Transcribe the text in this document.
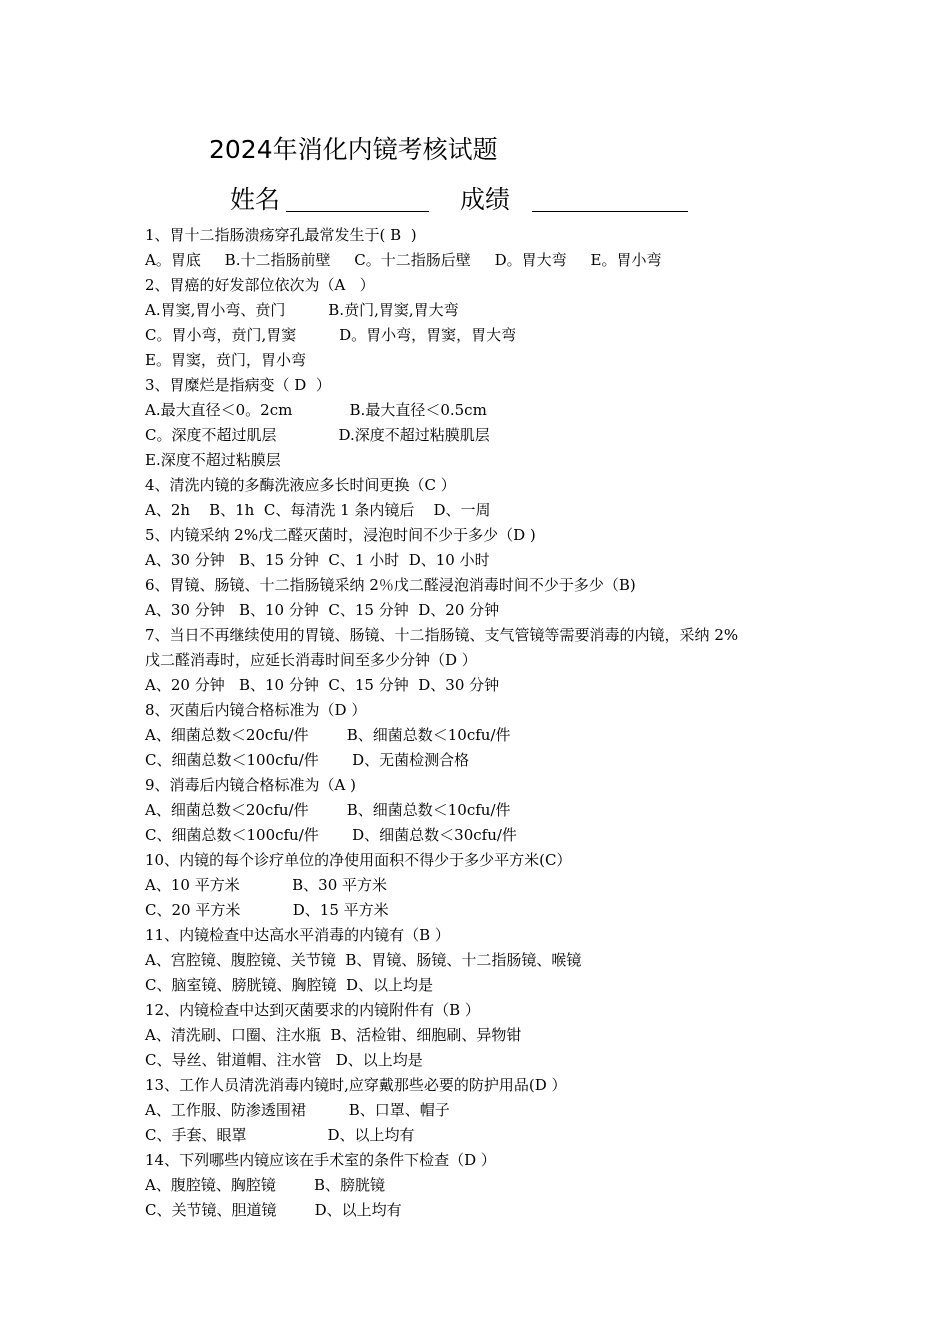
2024年消化内镜考核试题
姓名	成绩
1、胃十二指肠溃疡穿孔最常发生于( B  )
A。胃底     B.十二指肠前壁     C。十二指肠后壁     D。胃大弯     E。胃小弯
2、胃癌的好发部位依次为（A   ）
A.胃窦,胃小弯、贲门         B.贲门,胃窦,胃大弯
C。胃小弯，贲门,胃窦         D。胃小弯，胃窦，胃大弯
E。胃窦，贲门，胃小弯
3、胃糜烂是指病变（ D  ）
A.最大直径＜0。2cm            B.最大直径＜0.5cm
C。深度不超过肌层             D.深度不超过粘膜肌层
E.深度不超过粘膜层
4、清洗内镜的多酶洗液应多长时间更换（C ）
A、2h    B、1h  C、每清洗 1 条内镜后    D、一周
5、内镜采纳 2%戊二醛灭菌时，浸泡时间不少于多少（D )
A、30 分钟   B、15 分钟  C、1 小时  D、10 小时
6、胃镜、肠镜、十二指肠镜采纳 2％戊二醛浸泡消毒时间不少于多少（B)
A、30 分钟   B、10 分钟  C、15 分钟  D、20 分钟
7、当日不再继续使用的胃镜、肠镜、十二指肠镜、支气管镜等需要消毒的内镜，采纳 2%
戊二醛消毒时，应延长消毒时间至多少分钟（D ）
A、20 分钟   B、10 分钟  C、15 分钟  D、30 分钟
8、灭菌后内镜合格标准为（D ）
A、细菌总数＜20cfu/件        B、细菌总数＜10cfu/件
C、细菌总数＜100cfu/件       D、无菌检测合格
9、消毒后内镜合格标准为（A )
A、细菌总数＜20cfu/件        B、细菌总数＜10cfu/件
C、细菌总数＜100cfu/件       D、细菌总数＜30cfu/件
10、内镜的每个诊疗单位的净使用面积不得少于多少平方米(C）
A、10 平方米           B、30 平方米
C、20 平方米           D、15 平方米
11、内镜检查中达高水平消毒的内镜有（B ）
A、宫腔镜、腹腔镜、关节镜  B、胃镜、肠镜、十二指肠镜、喉镜
C、脑室镜、膀胱镜、胸腔镜  D、以上均是
12、内镜检查中达到灭菌要求的内镜附件有（B ）
A、清洗刷、口圈、注水瓶  B、活检钳、细胞刷、异物钳
C、导丝、钳道帽、注水管   D、以上均是
13、工作人员清洗消毒内镜时,应穿戴那些必要的防护用品(D ）
A、工作服、防渗透围裙         B、口罩、帽子
C、手套、眼罩                 D、以上均有
14、下列哪些内镜应该在手术室的条件下检查（D ）
A、腹腔镜、胸腔镜        B、膀胱镜
C、关节镜、胆道镜        D、以上均有
